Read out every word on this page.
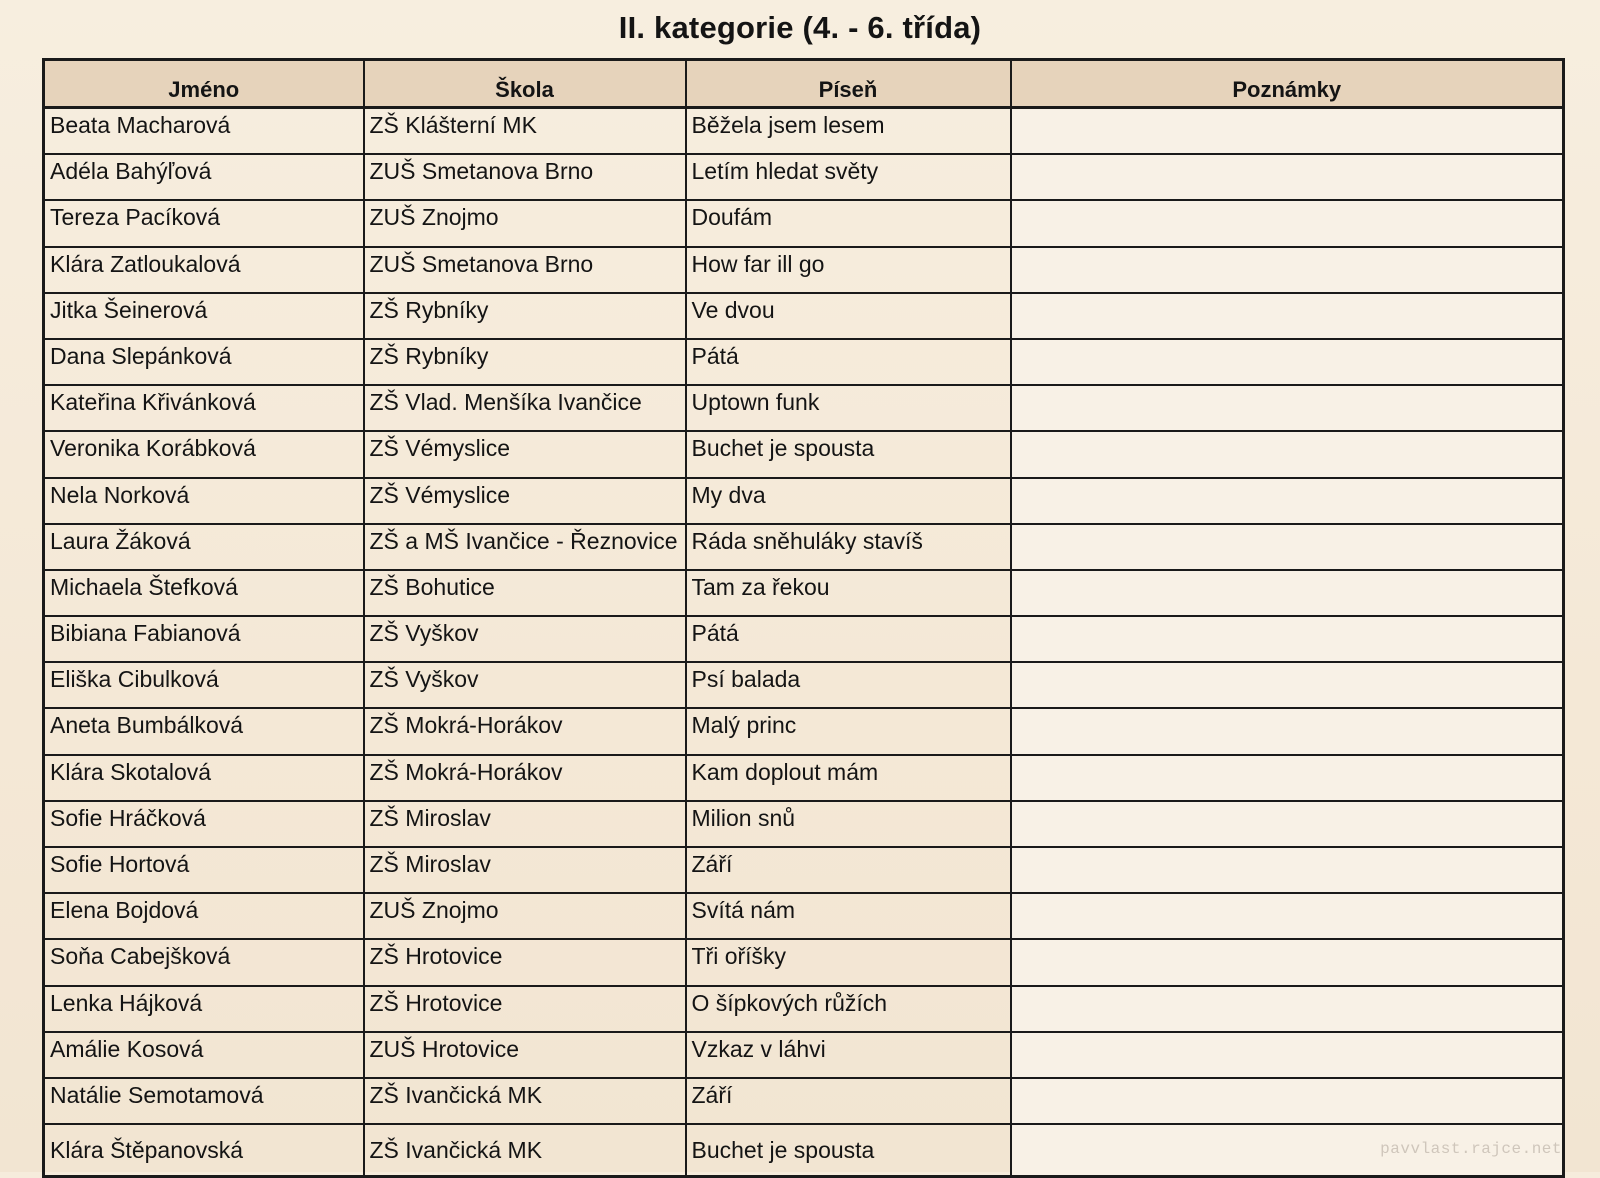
II. kategorie (4. - 6. třída)
Jméno	Škola	Píseň	Poznámky
Beata Macharová	ZŠ Klášterní MK	Běžela jsem lesem	
Adéla Bahýľová	ZUŠ Smetanova Brno	Letím hledat světy	
Tereza Pacíková	ZUŠ Znojmo	Doufám	
Klára Zatloukalová	ZUŠ Smetanova Brno	How far ill go	
Jitka Šeinerová	ZŠ Rybníky	Ve dvou	
Dana Slepánková	ZŠ Rybníky	Pátá	
Kateřina Křivánková	ZŠ Vlad. Menšíka Ivančice	Uptown funk	
Veronika Korábková	ZŠ Vémyslice	Buchet je spousta	
Nela Norková	ZŠ Vémyslice	My dva	
Laura Žáková	ZŠ a MŠ Ivančice - Řeznovice	Ráda sněhuláky stavíš	
Michaela Štefková	ZŠ Bohutice	Tam za řekou	
Bibiana Fabianová	ZŠ Vyškov	Pátá	
Eliška Cibulková	ZŠ Vyškov	Psí balada	
Aneta Bumbálková	ZŠ Mokrá-Horákov	Malý princ	
Klára Skotalová	ZŠ Mokrá-Horákov	Kam doplout mám	
Sofie Hráčková	ZŠ Miroslav	Milion snů	
Sofie Hortová	ZŠ Miroslav	Září	
Elena Bojdová	ZUŠ Znojmo	Svítá nám	
Soňa Cabejšková	ZŠ Hrotovice	Tři oříšky	
Lenka Hájková	ZŠ Hrotovice	O šípkových růžích	
Amálie Kosová	ZUŠ Hrotovice	Vzkaz v láhvi	
Natálie Semotamová	ZŠ Ivančická MK	Září	
Klára Štěpanovská	ZŠ Ivančická MK	Buchet je spousta		pavvlast.rajce.net
